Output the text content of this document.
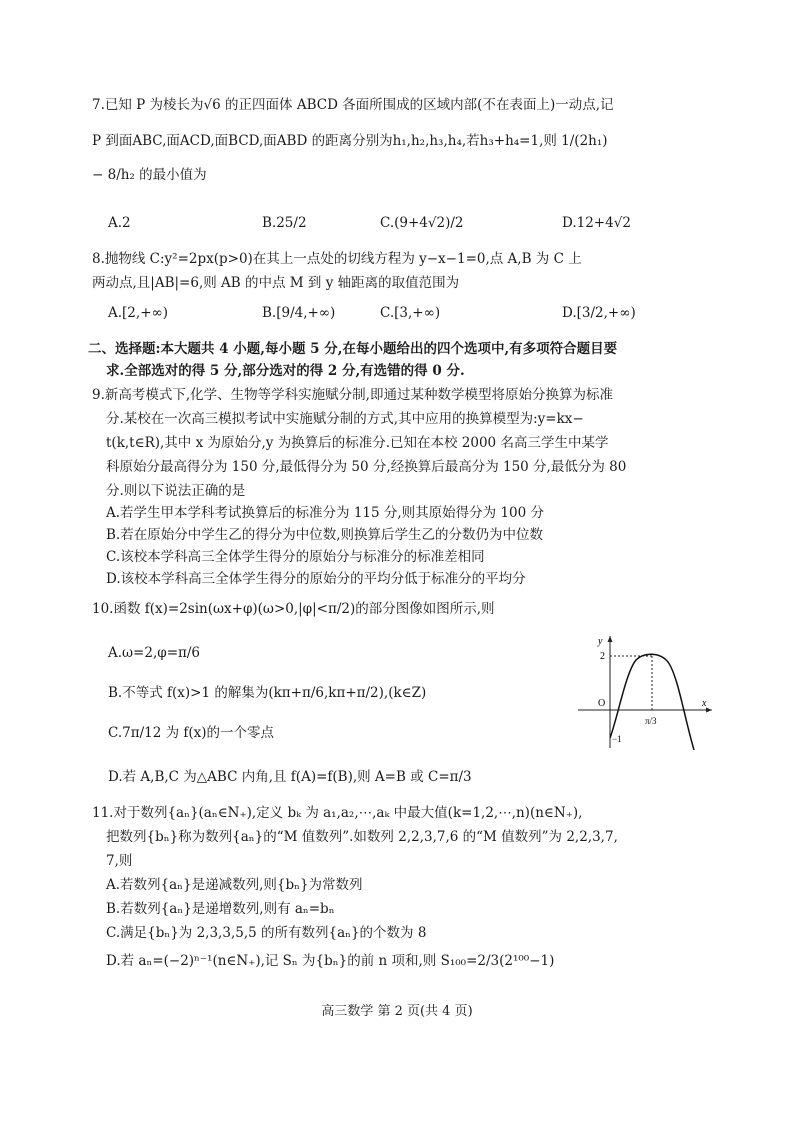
7.已知 P 为棱长为√6 的正四面体 ABCD 各面所围成的区域内部(不在表面上)一动点,记
P 到面ABC,面ACD,面BCD,面ABD 的距离分别为h₁,h₂,h₃,h₄,若h₃+h₄=1,则 1/(2h₁)
− 8/h₂ 的最小值为
A.2	B.25/2	C.(9+4√2)/2	D.12+4√2
8.抛物线 C:y²=2px(p>0)在其上一点处的切线方程为 y−x−1=0,点 A,B 为 C 上
两动点,且|AB|=6,则 AB 的中点 M 到 y 轴距离的取值范围为
A.[2,+∞)	B.[9/4,+∞)	C.[3,+∞)	D.[3/2,+∞)
二、选择题:本大题共 4 小题,每小题 5 分,在每小题给出的四个选项中,有多项符合题目要
求.全部选对的得 5 分,部分选对的得 2 分,有选错的得 0 分.
9.新高考模式下,化学、生物等学科实施赋分制,即通过某种数学模型将原始分换算为标准
分.某校在一次高三模拟考试中实施赋分制的方式,其中应用的换算模型为:y=kx−
t(k,t∈R),其中 x 为原始分,y 为换算后的标准分.已知在本校 2000 名高三学生中某学
科原始分最高得分为 150 分,最低得分为 50 分,经换算后最高分为 150 分,最低分为 80
分.则以下说法正确的是
A.若学生甲本学科考试换算后的标准分为 115 分,则其原始得分为 100 分
B.若在原始分中学生乙的得分为中位数,则换算后学生乙的分数仍为中位数
C.该校本学科高三全体学生得分的原始分与标准分的标准差相同
D.该校本学科高三全体学生得分的原始分的平均分低于标准分的平均分
10.函数 f(x)=2sin(ωx+φ)(ω>0,|φ|<π/2)的部分图像如图所示,则
A.ω=2,φ=π/6
B.不等式 f(x)>1 的解集为(kπ+π/6,kπ+π/2),(k∈Z)
C.7π/12 为 f(x)的一个零点
D.若 A,B,C 为△ABC 内角,且 f(A)=f(B),则 A=B 或 C=π/3
y
x
O
2
−1
π/3
11.对于数列{aₙ}(aₙ∈N₊),定义 bₖ 为 a₁,a₂,⋯,aₖ 中最大值(k=1,2,⋯,n)(n∈N₊),
把数列{bₙ}称为数列{aₙ}的“M 值数列”.如数列 2,2,3,7,6 的“M 值数列”为 2,2,3,7,
7,则
A.若数列{aₙ}是递减数列,则{bₙ}为常数列
B.若数列{aₙ}是递增数列,则有 aₙ=bₙ
C.满足{bₙ}为 2,3,3,5,5 的所有数列{aₙ}的个数为 8
D.若 aₙ=(−2)ⁿ⁻¹(n∈N₊),记 Sₙ 为{bₙ}的前 n 项和,则 S₁₀₀=2/3(2¹⁰⁰−1)
高三数学 第 2 页(共 4 页)
